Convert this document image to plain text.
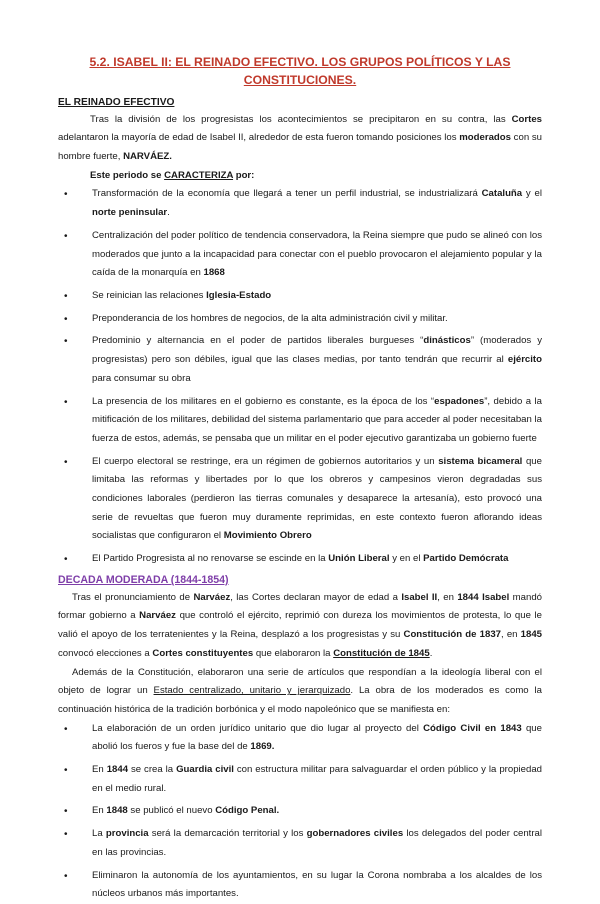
5.2. ISABEL II: EL REINADO EFECTIVO. LOS GRUPOS POLÍTICOS Y LAS CONSTITUCIONES.
EL REINADO EFECTIVO

Tras la división de los progresistas los acontecimientos se precipitaron en su contra, las Cortes adelantaron la mayoría de edad de Isabel II, alrededor de esta fueron tomando posiciones los moderados con su hombre fuerte, NARVÁEZ.

Este periodo se CARACTERIZA por:

•	Transformación de la economía que llegará a tener un perfil industrial, se industrializará Cataluña y el norte peninsular.
•	Centralización del poder político de tendencia conservadora, la Reina siempre que pudo se alineó con los moderados que junto a la incapacidad para conectar con el pueblo provocaron el alejamiento popular y la caída de la monarquía en 1868
•	Se reinician las relaciones Iglesia-Estado
•	Preponderancia de los hombres de negocios, de la alta administración civil y militar.
•	Predominio y alternancia en el poder de partidos liberales burgueses “dinásticos” (moderados y progresistas) pero son débiles, igual que las clases medias, por tanto tendrán que recurrir al ejército para consumar su obra
•	La presencia de los militares en el gobierno es constante, es la época de los “espadones”, debido a la mitificación de los militares, debilidad del sistema parlamentario que para acceder al poder necesitaban la fuerza de estos, además, se pensaba que un militar en el poder ejecutivo garantizaba un gobierno fuerte
•	El cuerpo electoral se restringe, era un régimen de gobiernos autoritarios y un sistema bicameral que limitaba las reformas y libertades por lo que los obreros y campesinos vieron degradadas sus condiciones laborales (perdieron las tierras comunales y desaparece la artesanía), esto provocó una serie de revueltas que fueron muy duramente reprimidas, en este contexto fueron aflorando ideas socialistas que configuraron el Movimiento Obrero
•	El Partido Progresista al no renovarse se escinde en la Unión Liberal y en el Partido Demócrata
DECADA MODERADA (1844-1854)

Tras el pronunciamiento de Narváez, las Cortes declaran mayor de edad a Isabel II, en 1844 Isabel mandó formar gobierno a Narváez que controló el ejército, reprimió con dureza los movimientos de protesta, lo que le valió el apoyo de los terratenientes y la Reina, desplazó a los progresistas y su Constitución de 1837, en 1845 convocó elecciones a Cortes constituyentes que elaboraron la Constitución de 1845.

Además de la Constitución, elaboraron una serie de artículos que respondían a la ideología liberal con el objeto de lograr un Estado centralizado, unitario y jerarquizado. La obra de los moderados es como la continuación histórica de la tradición borbónica y el modo napoleónico que se manifiesta en:

•	La elaboración de un orden jurídico unitario que dio lugar al proyecto del Código Civil en 1843 que abolió los fueros y fue la base del de 1869.
•	En 1844 se crea la Guardia civil con estructura militar para salvaguardar el orden público y la propiedad en el medio rural.
•	En 1848 se publicó el nuevo Código Penal.
•	La provincia será la demarcación territorial y los gobernadores civiles los delegados del poder central en las provincias.
•	Eliminaron la autonomía de los ayuntamientos, en su lugar la Corona nombraba a los alcaldes de los núcleos urbanos más importantes.
